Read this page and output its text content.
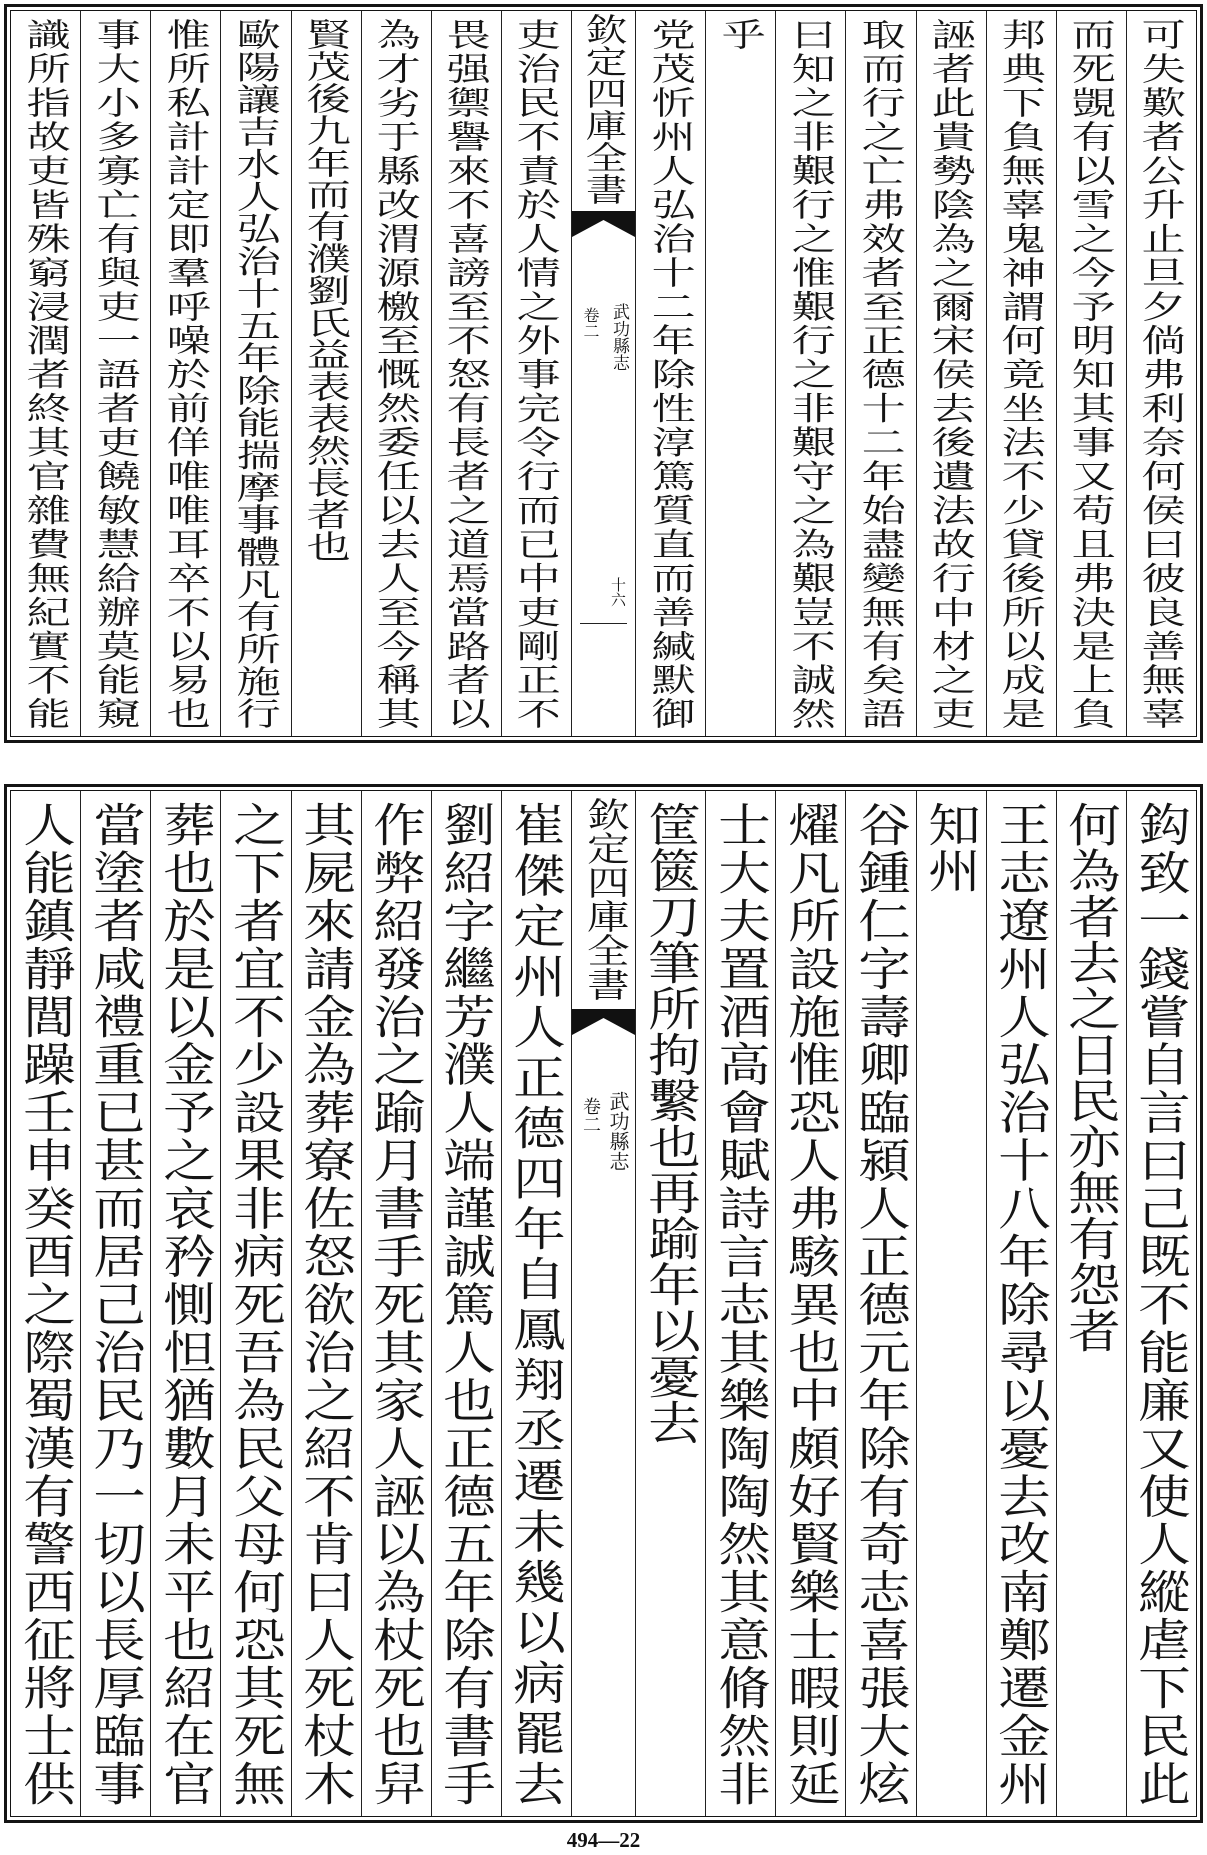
可失歎者公升止旦夕倘弗利奈何侯曰彼良善無辜
而死覬有以雪之今予明知其事又苟且弗決是上負
邦典下負無辜鬼神謂何竟坐法不少貸後所以成是
誣者此貴勢陰為之爾宋侯去後遺法故行中材之吏
取而行之亡弗效者至正德十二年始盡變無有矣語
曰知之非艱行之惟艱行之非艱守之為艱豈不誠然
乎
党茂忻州人弘治十二年除性淳篤質直而善緘默御
欽定四庫全書
武功縣志
卷二
十六
吏治民不責於人情之外事完令行而已中吏剛正不
畏强禦譽來不喜謗至不怒有長者之道焉當路者以
為才劣于縣改渭源檄至慨然委任以去人至今稱其
賢茂後九年而有濮劉氏益表表然長者也
歐陽讓吉水人弘治十五年除能揣摩事體凡有所施行
惟所私計計定即羣呼噪於前佯唯唯耳卒不以易也
事大小多寡亡有與吏一語者吏饒敏慧給辦莫能窺
識所指故吏皆殊窮浸潤者終其官雜費無紀實不能
鈎致一錢嘗自言曰己既不能廉又使人縱虐下民此
何為者去之日民亦無有怨者
王志遼州人弘治十八年除尋以憂去改南鄭遷金州
知州
谷鍾仁字壽卿臨潁人正德元年除有奇志喜張大炫
燿凡所設施惟恐人弗駭異也中頗好賢樂士暇則延
士大夫置酒高會賦詩言志其樂陶陶然其意脩然非
筐篋刀筆所拘繫也再踰年以憂去
欽定四庫全書
武功縣志
卷二
崔傑定州人正德四年自鳳翔丞遷未幾以病罷去
劉紹字繼芳濮人端謹誠篤人也正德五年除有書手
作弊紹發治之踰月書手死其家人誣以為杖死也舁
其屍來請金為葬寮佐怒欲治之紹不肯曰人死杖木
之下者宜不少設果非病死吾為民父母何恐其死無
葬也於是以金予之哀矜惻怛猶數月未平也紹在官
當塗者咸禮重已甚而居己治民乃一切以長厚臨事
人能鎮靜閭躁壬申癸酉之際蜀漢有警西征將士供
494—22
